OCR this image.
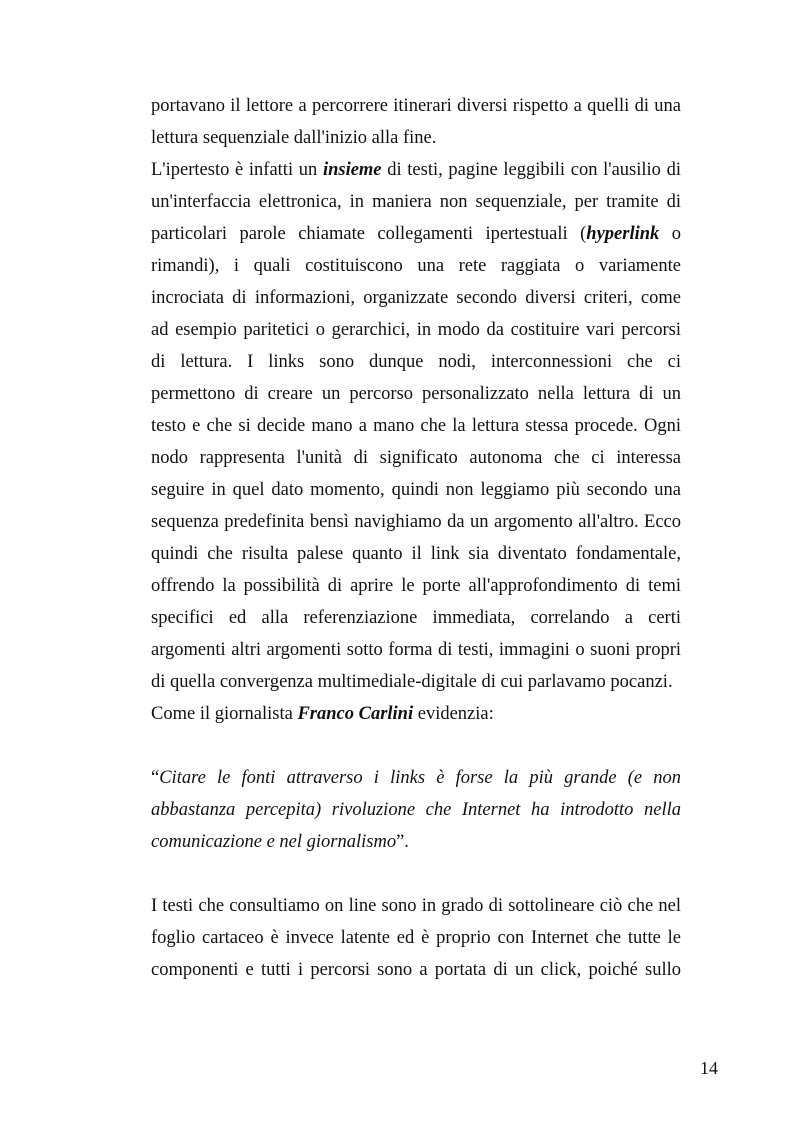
portavano il lettore a percorrere itinerari diversi rispetto a quelli di una
lettura sequenziale dall'inizio alla fine.
L'ipertesto è infatti un insieme di testi, pagine leggibili con l'ausilio di
un'interfaccia elettronica, in maniera non sequenziale, per tramite di
particolari parole chiamate collegamenti ipertestuali (hyperlink o
rimandi), i quali costituiscono una rete raggiata o variamente
incrociata di informazioni, organizzate secondo diversi criteri, come
ad esempio paritetici o gerarchici, in modo da costituire vari percorsi
di lettura. I links sono dunque nodi, interconnessioni che ci
permettono di creare un percorso personalizzato nella lettura di un
testo e che si decide mano a mano che la lettura stessa procede. Ogni
nodo rappresenta l'unità di significato autonoma che ci interessa
seguire in quel dato momento, quindi non leggiamo più secondo una
sequenza predefinita bensì navighiamo da un argomento all'altro. Ecco
quindi che risulta palese quanto il link sia diventato fondamentale,
offrendo la possibilità di aprire le porte all'approfondimento di temi
specifici ed alla referenziazione immediata, correlando a certi
argomenti altri argomenti sotto forma di testi, immagini o suoni propri
di quella convergenza multimediale-digitale di cui parlavamo pocanzi.
Come il giornalista Franco Carlini evidenzia:
“Citare le fonti attraverso i links è forse la più grande (e non
abbastanza percepita) rivoluzione che Internet ha introdotto nella
comunicazione e nel giornalismo”.
I testi che consultiamo on line sono in grado di sottolineare ciò che nel
foglio cartaceo è invece latente ed è proprio con Internet che tutte le
componenti e tutti i percorsi sono a portata di un click, poiché sullo
14
